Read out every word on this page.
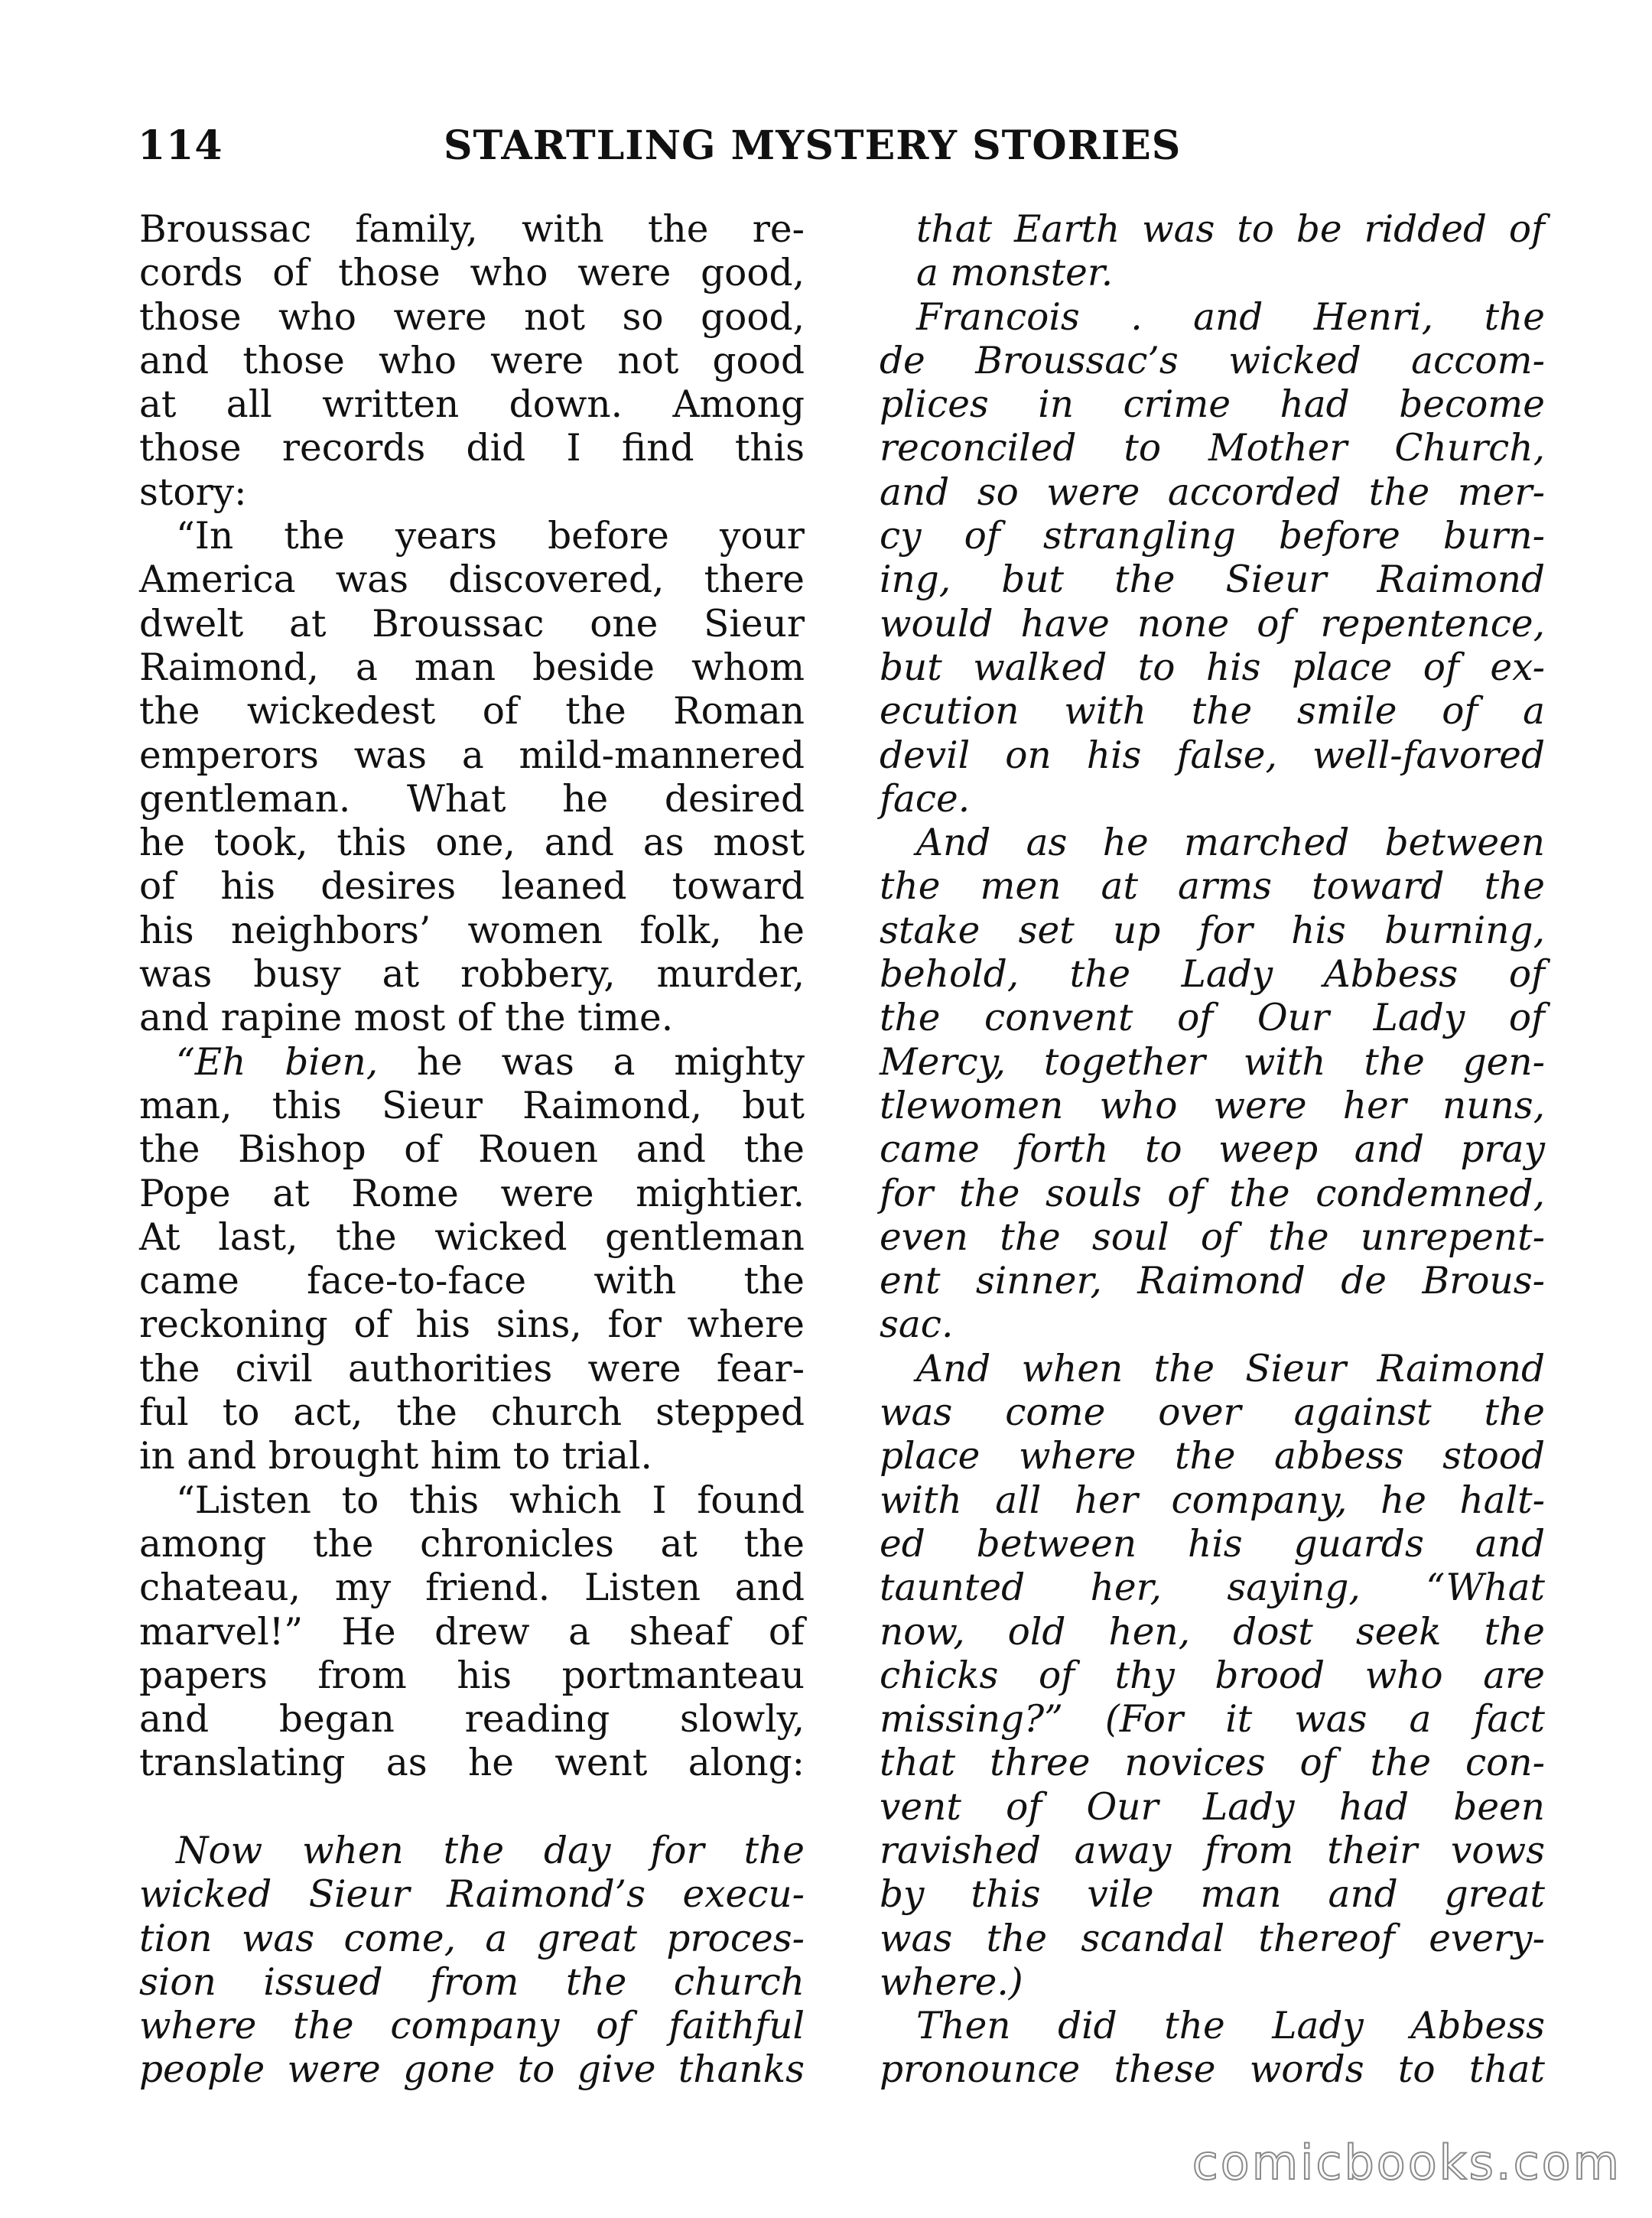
114	STARTLING MYSTERY STORIES
Broussac family, with the re-
cords of those who were good,
those who were not so good,
and those who were not good
at all written down. Among
those records did I find this
story:
“In the years before your
America was discovered, there
dwelt at Broussac one Sieur
Raimond, a man beside whom
the wickedest of the Roman
emperors was a mild-mannered
gentleman. What he desired
he took, this one, and as most
of his desires leaned toward
his neighbors’ women folk, he
was busy at robbery, murder,
and rapine most of the time.
“Eh bien, he was a mighty
man, this Sieur Raimond, but
the Bishop of Rouen and the
Pope at Rome were mightier.
At last, the wicked gentleman
came face-to-face with the
reckoning of his sins, for where
the civil authorities were fear-
ful to act, the church stepped
in and brought him to trial.
“Listen to this which I found
among the chronicles at the
chateau, my friend. Listen and
marvel!” He drew a sheaf of
papers from his portmanteau
and began reading slowly,
translating as he went along:
Now when the day for the
wicked Sieur Raimond’s execu-
tion was come, a great proces-
sion issued from the church
where the company of faithful
people were gone to give thanks
that Earth was to be ridded of
a monster.
Francois . and Henri, the
de Broussac’s wicked accom-
plices in crime had become
reconciled to Mother Church,
and so were accorded the mer-
cy of strangling before burn-
ing, but the Sieur Raimond
would have none of repentence,
but walked to his place of ex-
ecution with the smile of a
devil on his false, well-favored
face.
And as he marched between
the men at arms toward the
stake set up for his burning,
behold, the Lady Abbess of
the convent of Our Lady of
Mercy, together with the gen-
tlewomen who were her nuns,
came forth to weep and pray
for the souls of the condemned,
even the soul of the unrepent-
ent sinner, Raimond de Brous-
sac.
And when the Sieur Raimond
was come over against the
place where the abbess stood
with all her company, he halt-
ed between his guards and
taunted her, saying, “What
now, old hen, dost seek the
chicks of thy brood who are
missing?” (For it was a fact
that three novices of the con-
vent of Our Lady had been
ravished away from their vows
by this vile man and great
was the scandal thereof every-
where.)
Then did the Lady Abbess
pronounce these words to that
comicbooks.com
